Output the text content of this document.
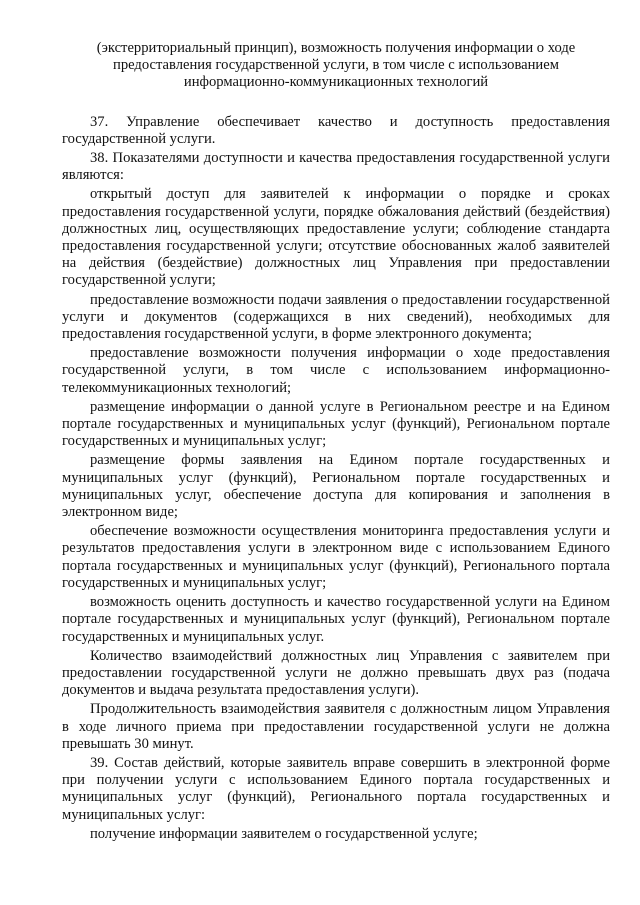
(экстерриториальный принцип), возможность получения информации о ходе
предоставления государственной услуги, в том числе с использованием
информационно-коммуникационных технологий

37. Управление обеспечивает качество и доступность предоставления государственной услуги.

38. Показателями доступности и качества предоставления государственной услуги являются:

открытый доступ для заявителей к информации о порядке и сроках предоставления государственной услуги, порядке обжалования действий (бездействия) должностных лиц, осуществляющих предоставление услуги; соблюдение стандарта предоставления государственной услуги; отсутствие обоснованных жалоб заявителей на действия (бездействие) должностных лиц Управления при предоставлении государственной услуги;

предоставление возможности подачи заявления о предоставлении государственной услуги и документов (содержащихся в них сведений), необходимых для предоставления государственной услуги, в форме электронного документа;

предоставление возможности получения информации о ходе предоставления государственной услуги, в том числе с использованием информационно-телекоммуникационных технологий;

размещение информации о данной услуге в Региональном реестре и на Едином портале государственных и муниципальных услуг (функций), Региональном портале государственных и муниципальных услуг;

размещение формы заявления на Едином портале государственных и муниципальных услуг (функций), Региональном портале государственных и муниципальных услуг, обеспечение доступа для копирования и заполнения в электронном виде;

обеспечение возможности осуществления мониторинга предоставления услуги и результатов предоставления услуги в электронном виде с использованием Единого портала государственных и муниципальных услуг (функций), Регионального портала государственных и муниципальных услуг;

возможность оценить доступность и качество государственной услуги на Едином портале государственных и муниципальных услуг (функций), Региональном портале государственных и муниципальных услуг.

Количество взаимодействий должностных лиц Управления с заявителем при предоставлении государственной услуги не должно превышать двух раз (подача документов и выдача результата предоставления услуги).

Продолжительность взаимодействия заявителя с должностным лицом Управления в ходе личного приема при предоставлении государственной услуги не должна превышать 30 минут.

39. Состав действий, которые заявитель вправе совершить в электронной форме при получении услуги с использованием Единого портала государственных и муниципальных услуг (функций), Регионального портала государственных и муниципальных услуг:

получение информации заявителем о государственной услуге;
